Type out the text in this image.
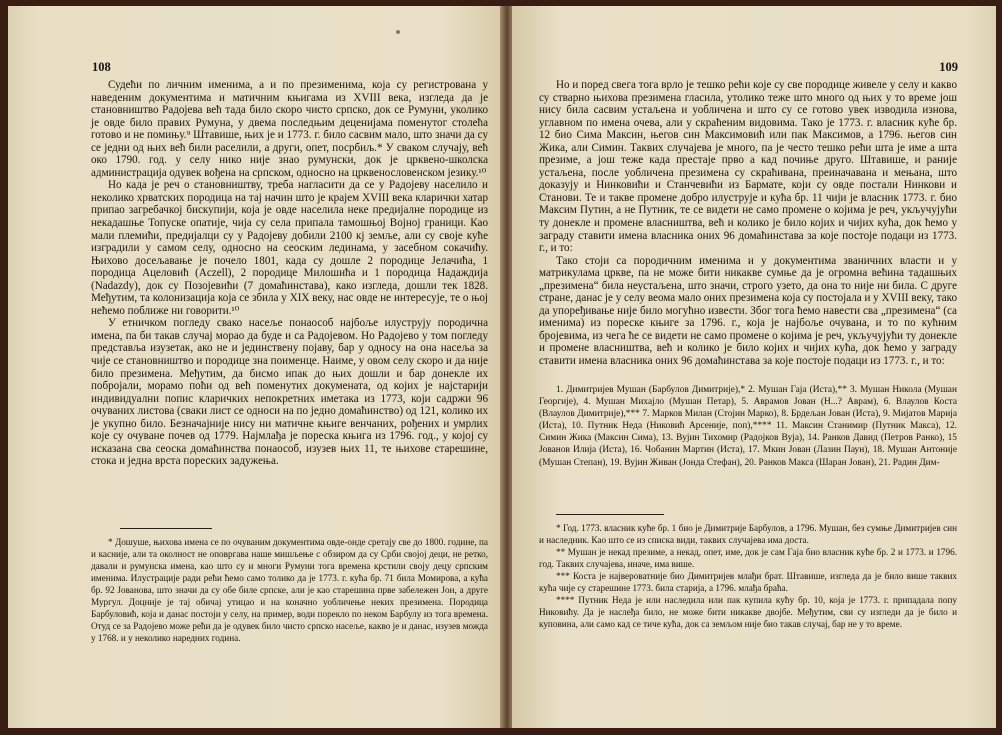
108

Судећи по личним именима, а и по презименима, која су регистрована у наведеним документима и матичним књигама из XVIII века, изгледа да је становништво Радојева већ тада било скоро чисто српско, док се Румуни, уколико је овде било правих Румуна, у двема последњим деценијама поменутог столећа готово и не помињу.⁹ Штавише, њих је и 1773. г. било сасвим мало, што значи да су се једни од њих већ били раселили, а други, опет, посрбиљ.* У сваком случају, већ око 1790. год. у селу нико није знао румунски, док је црквено-школска администрација одувек вођена на српском, односно на црквенословенском језику.¹⁰

Но када је реч о становништву, треба нагласити да се у Радојеву населило и неколико хрватских породица на тај начин што је крајем XVIII века кларички хатар припао загребачкој бискупији, која је овде населила неке предијалне породице из некадашње Топуске опатије, чија су села припала тамошњој Војној граници. Као мали племићи, предијалци су у Радојеву добили 2100 кј земље, али су своје куће изградили у самом селу, односно на сеоским лединама, у засебном сокачићу. Њихово досељавање је почело 1801, када су дошле 2 породице Јелачића, 1 породица Ацеловић (Aczell), 2 породице Милошића и 1 породица Надаждија (Nadazdy), док су Позојевићи (7 домаћинстава), како изгледа, дошли тек 1828. Међутим, та колонизација која се збила у XIX веку, нас овде не интересује, те о њој нећемо поближе ни говорити.¹⁰

У етничком погледу свако насеље понаособ најбоље илуструју породична имена, па би такав случај морао да буде и са Радојевом. Но Радојево у том погледу представља изузетак, ако не и јединствену појаву, бар у односу на она насеља за чије се становништво и породице зна поименце. Наиме, у овом селу скоро и да није било презимена. Међутим, да бисмо ипак до њих дошли и бар донекле их побројали, морамо поћи од већ поменутих докумената, од којих је најстарији индивидуални попис кларичких непокретних иметака из 1773, који садржи 96 очуваних листова (сваки лист се односи на по једно домаћинство) од 121, колико их је укупно било. Безначајније нису ни матичне књиге венчаних, рођених и умрлих које су очуване почев од 1779. Најмлађа је пореска књига из 1796. год., у којој су исказана сва сеоска домаћинства понаособ, изузев њих 11, те њихове старешине, стока и једна врста пореских задужења.

* Дошуше, њихова имена се по очуваним документима овде-онде сретају све до 1800. године, па и касније, али та околност не оповргава наше мишљење с обзиром да су Срби својој деци, не ретко, давали и румунска имена, као што су и многи Румуни тога времена крстили своју децу српским именима. Илустрације ради рећи ћемо само толико да је 1773. г. кућа бр. 71 била Момирова, а кућа бр. 92 Јованова, што значи да су обе биле српске, али је као старешина прве забележен Јон, а друге Мургул. Доцније је тај обичај утицао и на коначно уобличење неких презимена. Породица Барбуловић, која и данас постоји у селу, на пример, води порекло по неком Барбулу из тога времена. Отуд се за Радојево може рећи да је одувек било чисто српско насеље, какво је и данас, изузев можда у 1768. и у неколико наредних година.

109

Но и поред свега тога врло је тешко рећи које су све породице живеле у селу и какво су стварно њихова презимена гласила, утолико теже што много од њих у то време још нису била сасвим устаљена и уобличена и што су се готово увек изводила изнова, углавном по имена очева, али у скраћеним видовима. Тако је 1773. г. власник куће бр. 12 био Сима Максин, његов син Максимовић или пак Максимов, а 1796. његов син Жика, али Симин. Таквих случајева је много, па је често тешко рећи шта је име а шта презиме, а још теже када престаје прво а кад почиње друго. Штавише, и раније устаљена, после уобличена презимена су скраћивана, преиначавана и мењана, што доказују и Нинковићи и Станчевићи из Бармате, који су овде постали Нинкови и Станови. Те и такве промене добро илуструје и кућа бр. 11 чији је власник 1773. г. био Максим Путин, а не Путник, те се видети не само промене о којима је реч, укључујући ту донекле и промене власништва, већ и колико је било којих и чијих кућа, док ћемо у заграду ставити имена власника оних 96 домаћинстава за које постоје подаци из 1773. г., и то:

Тако стоји са породичним именима и у документима званичних власти и у матрикулама цркве, па не може бити никакве сумње да је огромна већина тадашњих „презимена“ била неустаљена, што значи, строго узето, да она то није ни била. С друге стране, данас је у селу веома мало оних презимена која су постојала и у XVIII веку, тако да упоређивање није било могућно извести. Због тога ћемо навести сва „презимена“ (са именима) из пореске књиге за 1796. г., која је најбоље очувана, и то по кућним бројевима, из чега ће се видети не само промене о којима је реч, укључујући ту донекле и промене власништва, већ и колико је било којих и чијих кућа, док ћемо у заграду ставити имена власника оних 96 домаћинстава за које постоје подаци из 1773. г., и то:

1. Димитријев Мушан (Барбулов Димитрије),* 2. Мушан Гаја (Иста),** 3. Мушан Никола (Мушан Георгије), 4. Мушан Михајло (Мушан Петар), 5. Аврамов Јован (Н...? Аврам), 6. Влаулов Коста (Влаулов Димитрије),*** 7. Марков Милан (Стојин Марко), 8. Брдељан Јован (Иста), 9. Мијатов Марија (Иста), 10. Путник Неда (Никовић Арсеније, поп),**** 11. Максин Станимир (Путник Макса), 12. Симин Жика (Максин Сима), 13. Вујин Тихомир (Радојков Вуја), 14. Ранков Давид (Петров Ранко), 15 Јованов Илија (Иста), 16. Чобанин Мартин (Иста), 17. Мкин Јован (Лазин Паун), 18. Мушан Антоније (Мушан Степан), 19. Вујин Живан (Јонда Стефан), 20. Ранков Макса (Шаран Јован), 21. Радин Дим-

* Год. 1773. власник куће бр. 1 био је Димитрије Барбулов, а 1796. Мушан, без сумње Димитријев син и наследник. Као што се из списка види, таквих случајева има доста.

** Мушан је некад презиме, а некад, опет, име, док је сам Гаја био власник куће бр. 2 и 1773. и 1796. год. Таквих случајева, иначе, има више.

*** Коста је највероватније био Димитријев млађи брат. Штавише, изгледа да је било више таквих кућа чије су старешине 1773. била старија, а 1796. млађа браћа.

**** Путник Неда је или наследила или пак купила кућу бр. 10, која је 1773. г. припадала попу Никовићу. Да је наслеђа било, не може бити никакве двојбе. Међутим, сви су изгледи да је било и куповина, али само кад се тиче кућа, док са земљом није био такав случај, бар не у то време.
